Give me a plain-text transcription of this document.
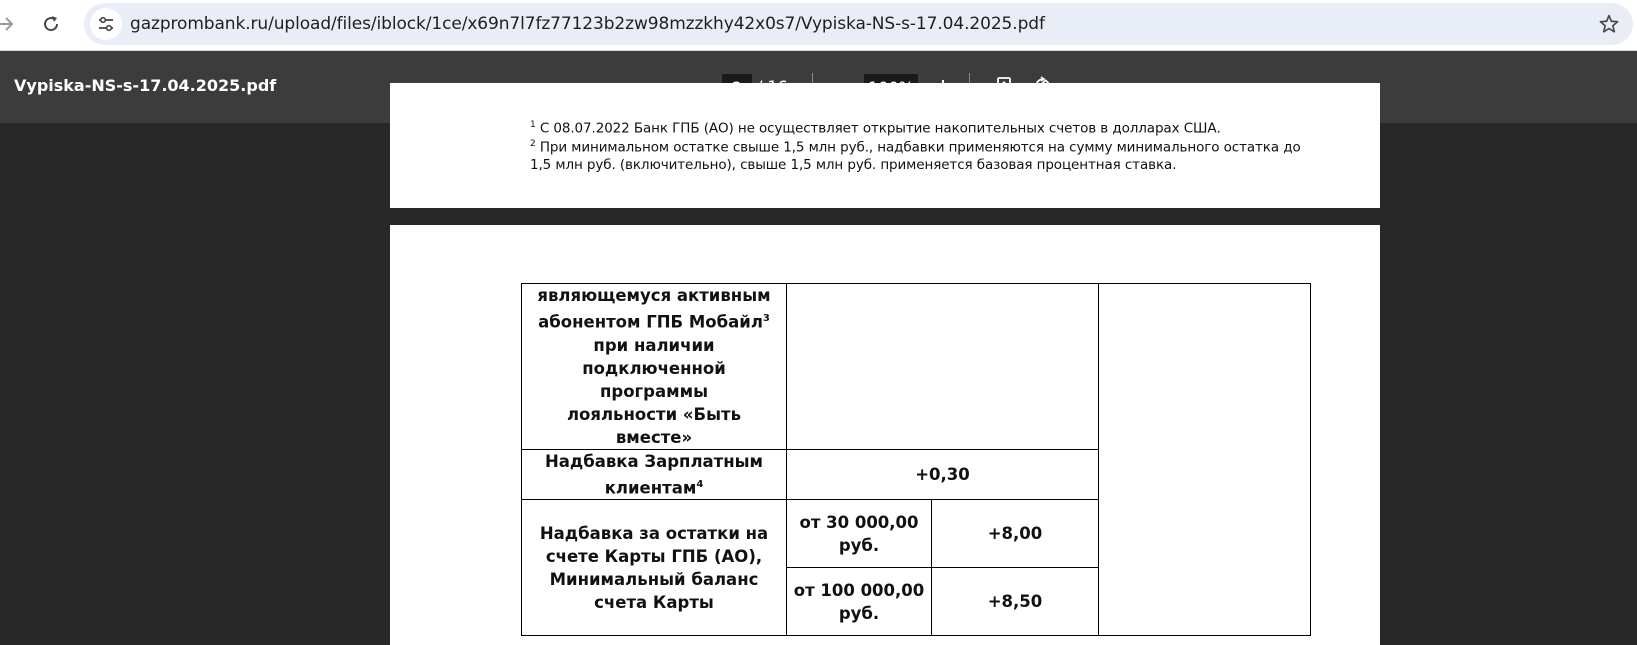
gazprombank.ru/upload/files/iblock/1ce/x69n7l7fz77123b2zw98mzzkhy42x0s7/Vypiska-NS-s-17.04.2025.pdf
Vypiska-NS-s-17.04.2025.pdf
$^1$ С 08.07.2022 Банк ГПБ (АО) не осуществляет открытие накопительных счетов в долларах США.
$^2$ При минимальном остатке свыше 1,5 млн руб., надбавки применяются на сумму минимального остатка до
1,5 млн руб. (включительно), свыше 1,5 млн руб. применяется базовая процентная ставка.
являющемуся активным
абонентом ГПБ Мобайл$^3$
при наличии
подключенной программы
лояльности «Быть вместе»			
Надбавка Зарплатным
клиентам$^4$	+0,30		
Надбавка за остатки на
счете Карты ГПБ (АО),
Минимальный баланс
счета Карты	от 30 000,00
руб.	+8,00	
	от 100 000,00
руб.	+8,50	
